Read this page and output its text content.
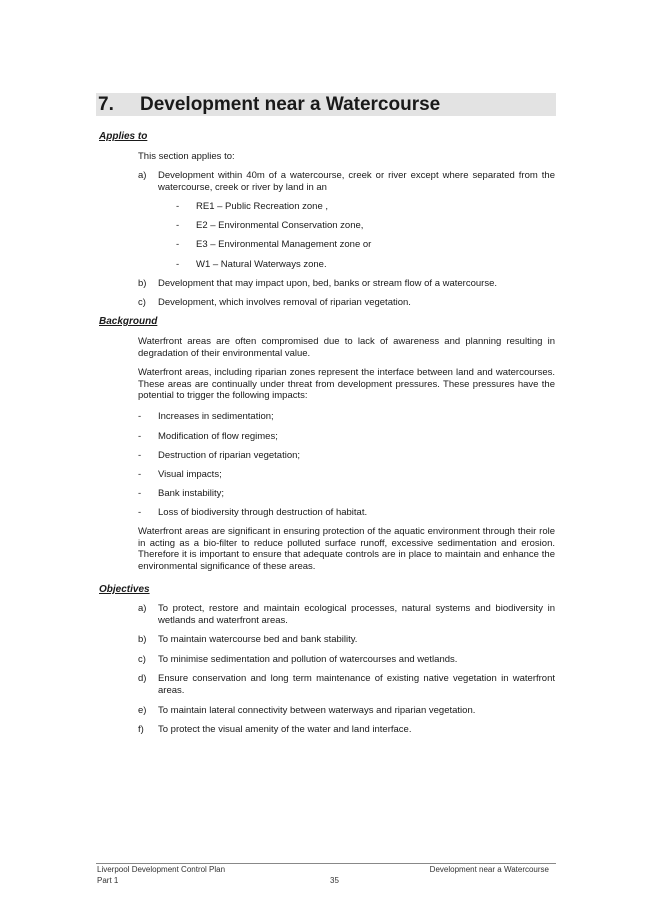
7.	Development near a Watercourse
Applies to
This section applies to:
a) Development within 40m of a watercourse, creek or river except where separated from the watercourse, creek or river by land in an
- RE1 – Public Recreation zone ,
- E2 – Environmental Conservation zone,
- E3 – Environmental Management zone or
- W1 – Natural Waterways zone.
b) Development that may impact upon, bed, banks or stream flow of a watercourse.
c) Development, which involves removal of riparian vegetation.
Background
Waterfront areas are often compromised due to lack of awareness and planning resulting in degradation of their environmental value.
Waterfront areas, including riparian zones represent the interface between land and watercourses. These areas are continually under threat from development pressures. These pressures have the potential to trigger the following impacts:
- Increases in sedimentation;
- Modification of flow regimes;
- Destruction of riparian vegetation;
- Visual impacts;
- Bank instability;
- Loss of biodiversity through destruction of habitat.
Waterfront areas are significant in ensuring protection of the aquatic environment through their role in acting as a bio-filter to reduce polluted surface runoff, excessive sedimentation and erosion. Therefore it is important to ensure that adequate controls are in place to maintain and enhance the environmental significance of these areas.
Objectives
a) To protect, restore and maintain ecological processes, natural systems and biodiversity in wetlands and waterfront areas.
b) To maintain watercourse bed and bank stability.
c) To minimise sedimentation and pollution of watercourses and wetlands.
d) Ensure conservation and long term maintenance of existing native vegetation in waterfront areas.
e) To maintain lateral connectivity between waterways and riparian vegetation.
f) To protect the visual amenity of the water and land interface.
Liverpool Development Control Plan
Part 1	35
Development near a Watercourse
